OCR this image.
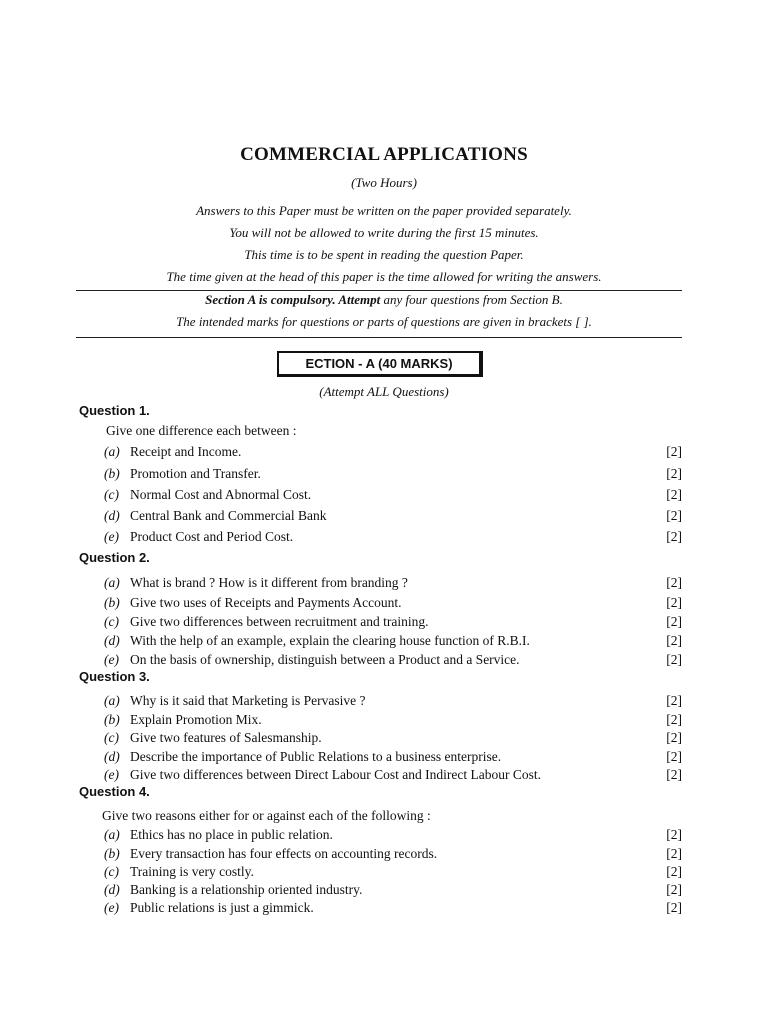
COMMERCIAL APPLICATIONS
(Two Hours)
Answers to this Paper must be written on the paper provided separately.
You will not be allowed to write during the first 15 minutes.
This time is to be spent in reading the question Paper.
The time given at the head of this paper is the time allowed for writing the answers.
Section A is compulsory. Attempt any four questions from Section B.
The intended marks for questions or parts of questions are given in brackets [ ].
ECTION - A (40 MARKS)
(Attempt ALL Questions)
Question 1.
Give one difference each between :
(a) Receipt and Income.	[2]
(b) Promotion and Transfer.	[2]
(c) Normal Cost and Abnormal Cost.	[2]
(d) Central Bank and Commercial Bank	[2]
(e) Product Cost and Period Cost.	[2]
Question 2.
(a) What is brand ? How is it different from branding ?	[2]
(b) Give two uses of Receipts and Payments Account.	[2]
(c) Give two differences between recruitment and training.	[2]
(d) With the help of an example, explain the clearing house function of R.B.I.	[2]
(e) On the basis of ownership, distinguish between a Product and a Service.	[2]
Question 3.
(a) Why is it said that Marketing is Pervasive ?	[2]
(b) Explain Promotion Mix.	[2]
(c) Give two features of Salesmanship.	[2]
(d) Describe the importance of Public Relations to a business enterprise.	[2]
(e) Give two differences between Direct Labour Cost and Indirect Labour Cost.	[2]
Question 4.
Give two reasons either for or against each of the following :
(a) Ethics has no place in public relation.	[2]
(b) Every transaction has four effects on accounting records.	[2]
(c) Training is very costly.	[2]
(d) Banking is a relationship oriented industry.	[2]
(e) Public relations is just a gimmick.	[2]
